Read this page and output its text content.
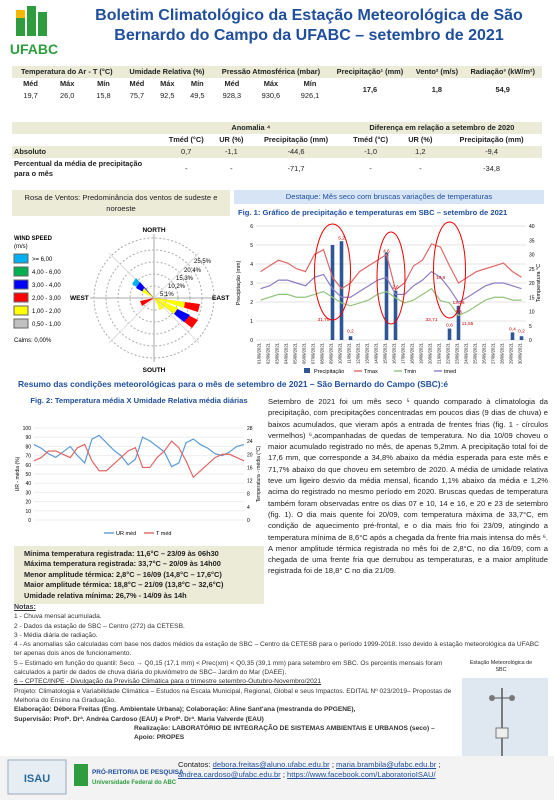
UFABC
Boletim Climatológico da Estação Meteorológica de São
Bernardo do Campo da UFABC – setembro de 2021
Temperatura do Ar - T (°C)			Umidade Relativa (%)			Pressão Atmosférica (mbar)			Precipitação¹ (mm)	Vento² (m/s)	Radiação³ (kW/m²)
Méd	Máx	Mín	Méd	Máx	Mín	Méd	Máx	Mín	17,6	1,8	54,9
19,7	26,0	15,8	75,7	92,5	49,5	928,3	930,6	926,1			
	Anomalia ⁴			Diferença em relação a setembro de 2020		
	Tméd (°C)	UR (%)	Precipitação (mm)	Tméd (°C)	UR (%)	Precipitação (mm)
Absoluto	0,7	-1,1	-44,6	-1,0	1,2	-9,4
Percentual da média de precipitação para o mês	-	-	-71,7	-	-	-34,8
Rosa de Ventos: Predominância dos ventos de sudeste e noroeste
WIND SPEED
(m/s)
>= 6,00
4,00 - 6,00
3,00 - 4,00
2,00 - 3,00
1,00 - 2,00
0,50 - 1,00
Calms: 0,00%
25,5%
20,4%
15,3%
10,2%
5,1%
NORTH
SOUTH
EAST
WEST
Destaque: Mês seco com bruscas variações de temperaturas
Fig. 1: Gráfico de precipitação e temperaturas em SBC – setembro de 2021
0
1
2
3
4
5
6
0
5
10
15
20
25
30
35
40
Precipitação (mm)	Temperatura °C
01/09/2021 02/09/2021 03/09/2021 04/09/2021 05/09/2021 06/09/2021 07/09/2021 08/09/2021 09/09/2021 10/09/2021 11/09/2021 12/09/2021 13/09/2021 14/09/2021 15/09/2021 16/09/2021 17/09/2021 18/09/2021 19/09/2021 20/09/2021 21/09/2021 22/09/2021 23/09/2021 24/09/2021 25/09/2021 26/09/2021 27/09/2021 28/09/2021 29/09/2021 30/09/2021
31,70
5,2
0,2
4,6
2,6
33,71
18,8
13,26
0,6
1,8
11,55
0,4 0,2
Precipitação	Tmax	Tmin	tmed
Resumo das condições meteorológicas para o mês de setembro de 2021 – São Bernardo do Campo (SBC):é
Fig. 2: Temperatura média X Umidade Relativa média diárias
0
10
20
30
40
50
60
70
80
90
100
0
4
8
12
16
20
24
28
UR - média (%)	Temperatura - média (°C)
UR méd	T méd
Mínima temperatura registrada: 11,6°C – 23/09 às 06h30
Máxima temperatura registrada: 33,7°C – 20/09 às 14h00
Menor amplitude térmica: 2,8°C – 16/09 (14,8°C – 17,6°C)
Maior amplitude térmica: 18,8°C – 21/09 (13,8°C – 32,6°C)
Umidade relativa mínima: 26,7% - 14/09 às 14h
Setembro de 2021 foi um mês seco ⁵ quando comparado à climatologia da precipitação, com precipitações concentradas em poucos dias (9 dias de chuva) e baixos acumulados, que vieram após a entrada de frentes frias (fig. 1 - círculos vermelhos) ⁶,acompanhadas de quedas de temperatura. No dia 10/09 choveu o maior acumulado registrado no mês, de apenas 5,2mm. A precipitação total foi de 17,6 mm, que corresponde a 34,8% abaixo da média esperada para este mês e 71,7% abaixo do que choveu em setembro de 2020. A média de umidade relativa teve um ligeiro desvio da média mensal, ficando 1,1% abaixo da média e 1,2% acima do registrado no mesmo período em 2020. Bruscas quedas de temperatura também foram observadas entre os dias 07 e 10, 14 e 16, e 20 e 23 de setembro (fig. 1). O dia mais quente foi 20/09, com temperatura máxima de 33,7°C, em condição de aquecimento pré-frontal, e o dia mais frio foi 23/09, atingindo a temperatura mínima de 8,6°C após a chegada da frente fria mais intensa do mês ⁶. A menor amplitude térmica registrada no mês foi de 2,8°C, no dia 16/09, com a chegada de uma frente fria que derrubou as temperaturas, e a maior amplitude registrada foi de 18,8° C no dia 21/09.
Notas:
1 - Chuva mensal acumulada.
2 - Dados da estação de SBC – Centro (272) da CETESB.
3 - Média diária de radiação.
4 - As anomalias são calculadas com base nos dados médios da estação de SBC – Centro da CETESB para o período 1999-2018. Isso devido à estação meteorológica da UFABC ter apenas dois anos de funcionamento.
5 – Estimado em função do quantil: Seco → Q0,15 (17,1 mm) < Prec(xm) < Q0,35 (39,1 mm) para setembro em SBC. Os percentis mensais foram calculados a partir de dados de chuva diária do pluviômetro de SBC– Jardim do Mar (DAEE).
6 – CPTEC/INPE - Divulgação da Previsão Climática para o trimestre setembro-Outubro-Novembro/2021
Projeto: Climatologia e Variabilidade Climática – Estudos na Escala Municipal, Regional, Global e seus Impactos. EDITAL Nº 023/2019– Propostas de Melhoria do Ensino na Graduação.
Elaboração: Débora Freitas (Eng. Ambientale Urbana); Colaboração: Aline Sant'ana (mestranda do PPGENE),
Supervisão: Profª. Drª. Andréa Cardoso (EAU) e Profª. Drª. Maria Valverde (EAU)
Realização: LABORATÓRIO DE INTEGRAÇÃO DE SISTEMAS AMBIENTAIS E URBANOS (seco) – Apoio: PROPES
Estação Meteorológica de SBC
ISAU
PRÓ-REITORIA DE PESQUISA
Universidade Federal do ABC
Contatos: debora.freitas@aluno.ufabc.edu.br ; maria.brambila@ufabc.edu.br ;
andrea.cardoso@ufabc.edu.br ; https://www.facebook.com/LaboratorioISAU/
